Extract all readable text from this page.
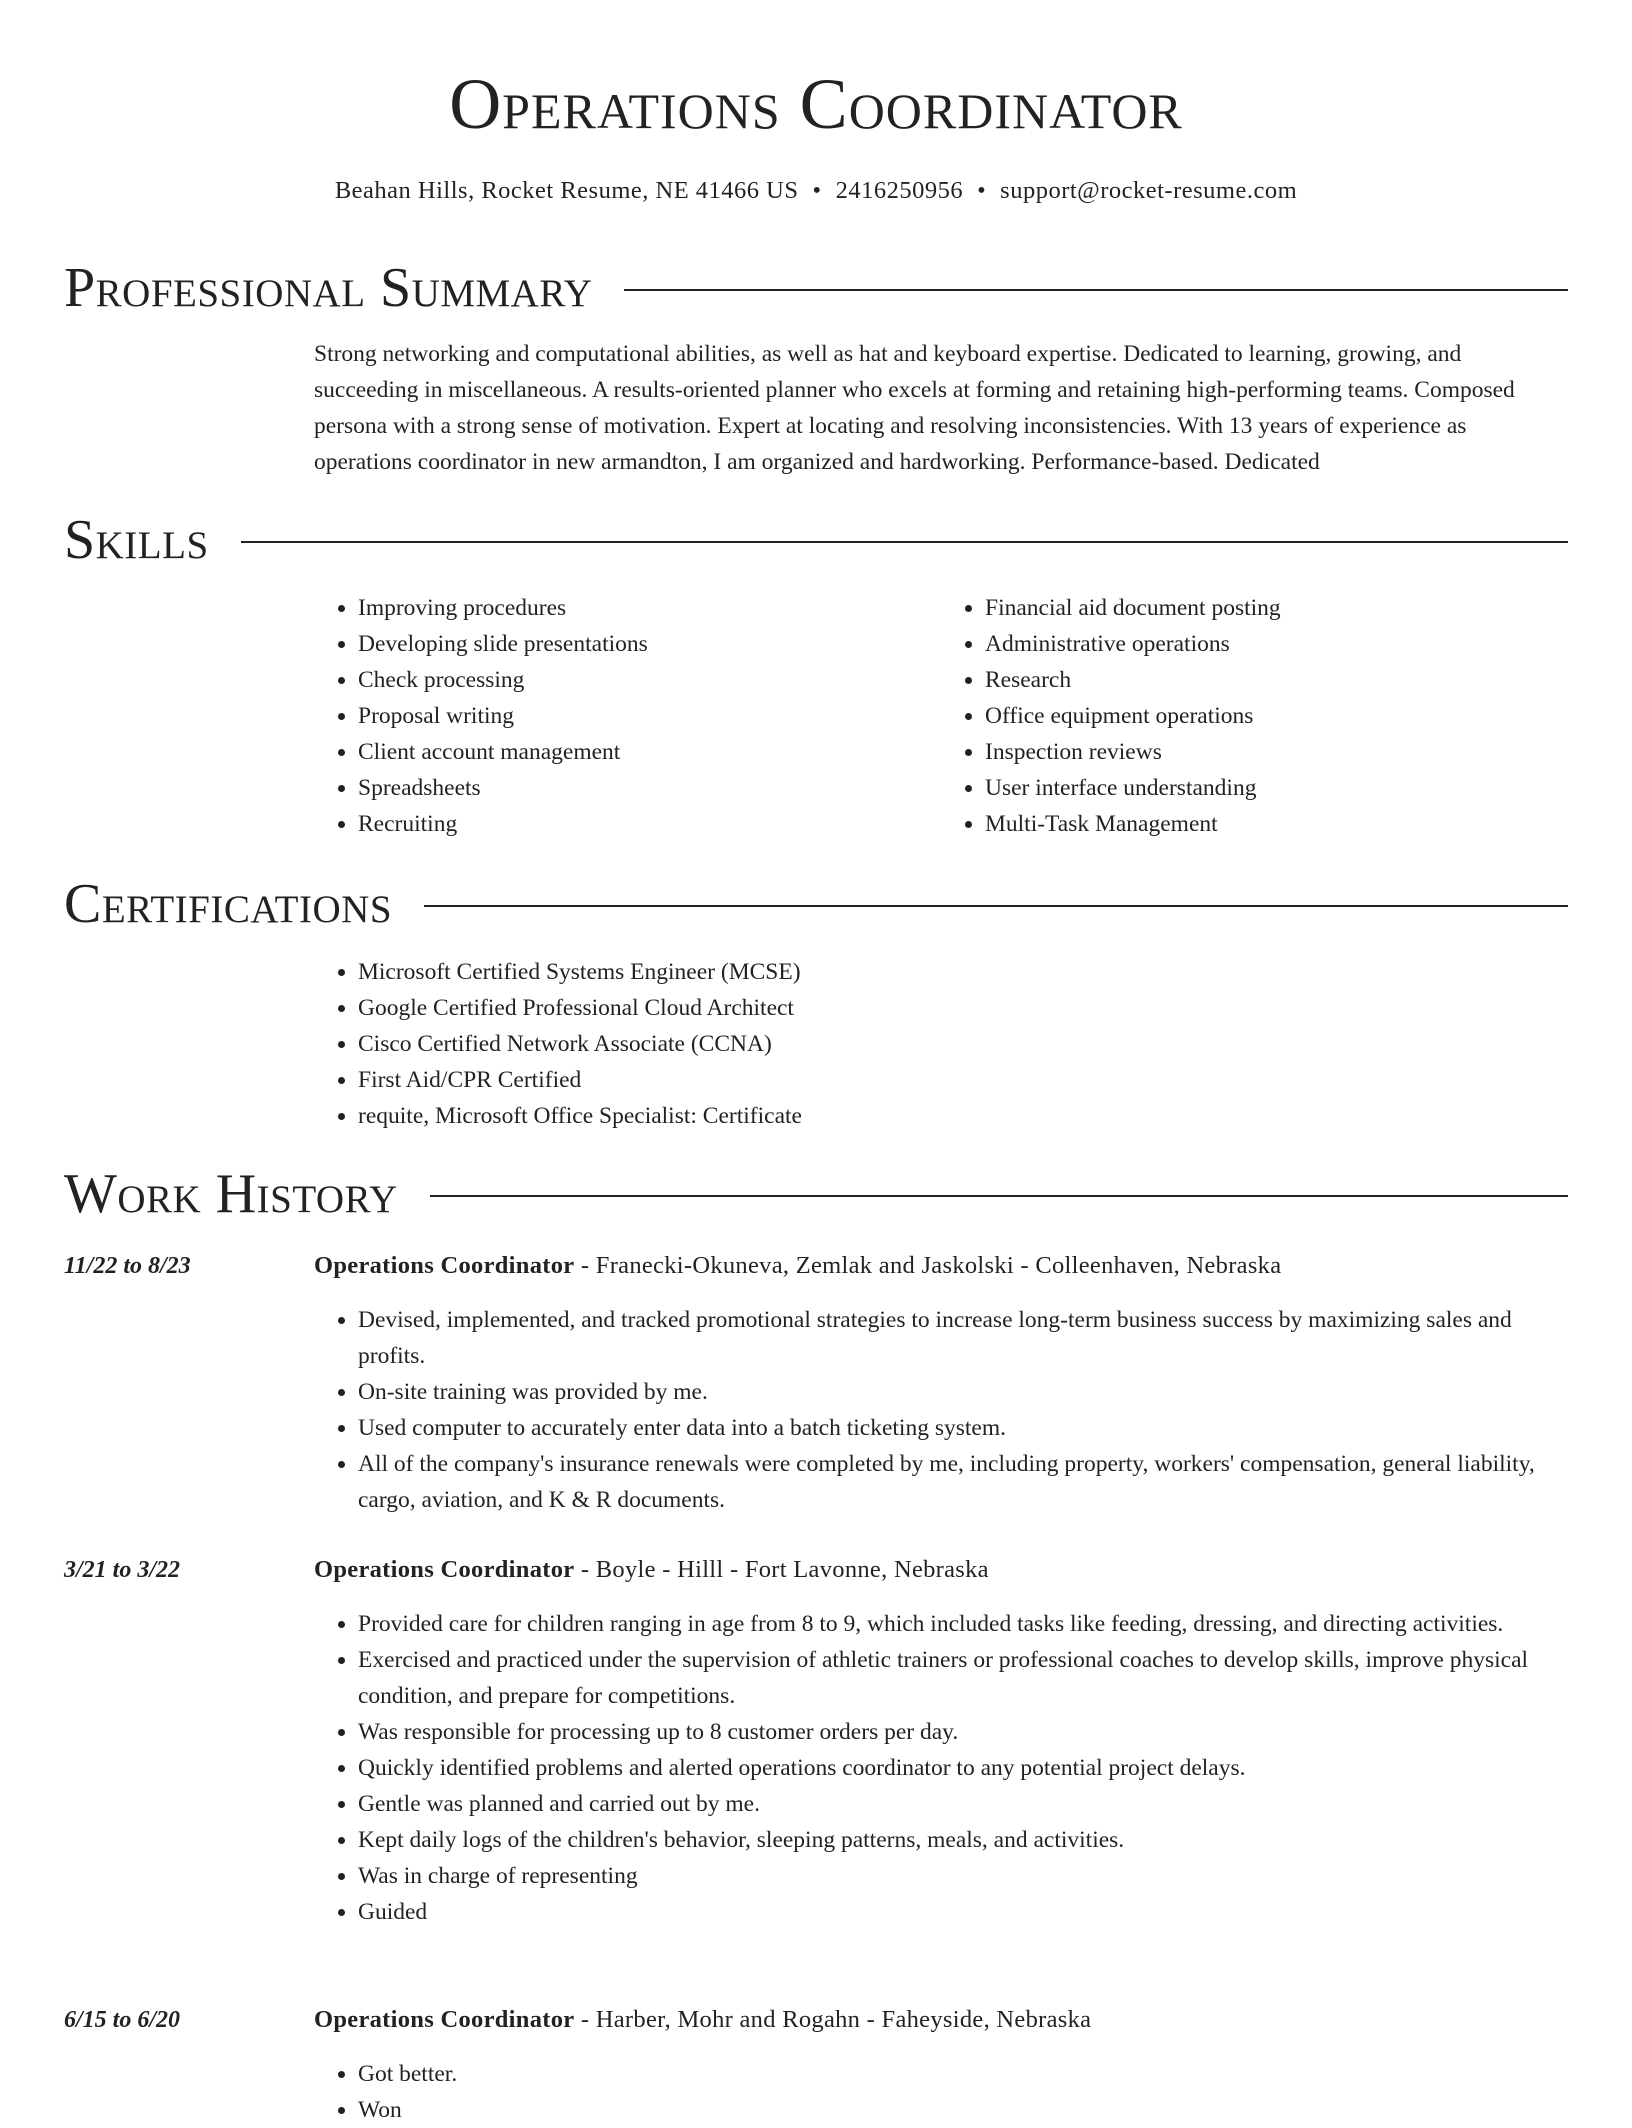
Operations Coordinator
Beahan Hills, Rocket Resume, NE 41466 US • 2416250956 • support@rocket-resume.com
Professional Summary
Strong networking and computational abilities, as well as hat and keyboard expertise. Dedicated to learning, growing, and succeeding in miscellaneous. A results-oriented planner who excels at forming and retaining high-performing teams. Composed persona with a strong sense of motivation. Expert at locating and resolving inconsistencies. With 13 years of experience as operations coordinator in new armandton, I am organized and hardworking. Performance-based. Dedicated
Skills
• Improving procedures
• Developing slide presentations
• Check processing
• Proposal writing
• Client account management
• Spreadsheets
• Recruiting
• Financial aid document posting
• Administrative operations
• Research
• Office equipment operations
• Inspection reviews
• User interface understanding
• Multi-Task Management
Certifications
• Microsoft Certified Systems Engineer (MCSE)
• Google Certified Professional Cloud Architect
• Cisco Certified Network Associate (CCNA)
• First Aid/CPR Certified
• requite, Microsoft Office Specialist: Certificate
Work History
11/22 to 8/23	Operations Coordinator - Franecki-Okuneva, Zemlak and Jaskolski - Colleenhaven, Nebraska
• Devised, implemented, and tracked promotional strategies to increase long-term business success by maximizing sales and profits.
• On-site training was provided by me.
• Used computer to accurately enter data into a batch ticketing system.
• All of the company's insurance renewals were completed by me, including property, workers' compensation, general liability, cargo, aviation, and K & R documents.
3/21 to 3/22	Operations Coordinator - Boyle - Hilll - Fort Lavonne, Nebraska
• Provided care for children ranging in age from 8 to 9, which included tasks like feeding, dressing, and directing activities.
• Exercised and practiced under the supervision of athletic trainers or professional coaches to develop skills, improve physical condition, and prepare for competitions.
• Was responsible for processing up to 8 customer orders per day.
• Quickly identified problems and alerted operations coordinator to any potential project delays.
• Gentle was planned and carried out by me.
• Kept daily logs of the children's behavior, sleeping patterns, meals, and activities.
• Was in charge of representing
• Guided
6/15 to 6/20	Operations Coordinator - Harber, Mohr and Rogahn - Faheyside, Nebraska
• Got better.
• Won
